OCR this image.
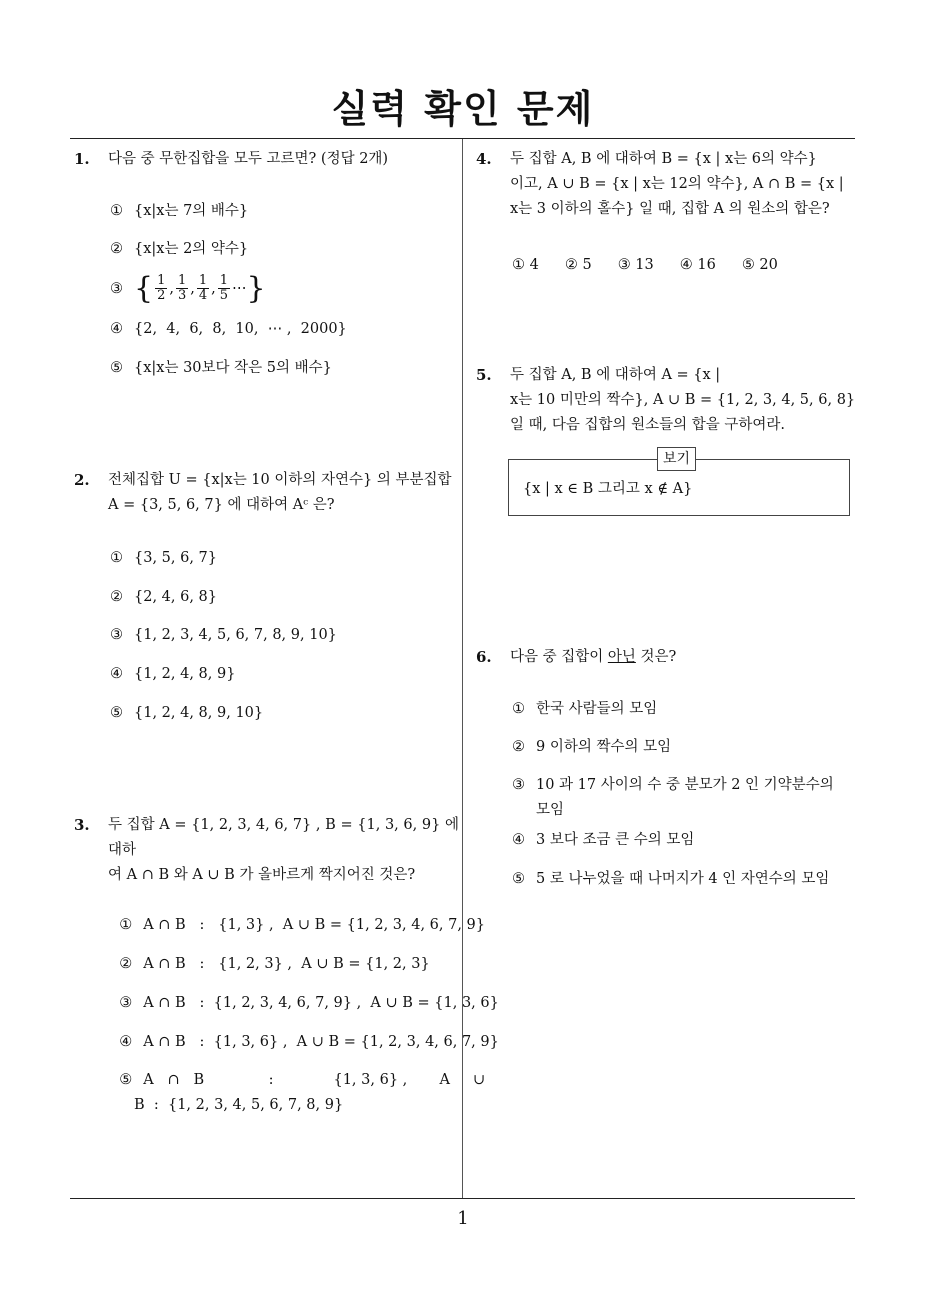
실력 확인 문제
1
1. 다음 중 무한집합을 모두 고르면? (정답 2개)
① {x|x는 7의 배수}
② {x|x는 2의 약수}
③ { $\frac{1}{2}$ , $\frac{1}{3}$ , $\frac{1}{4}$ , $\frac{1}{5}$ ⋯}
④ {2,  4,  6,  8,  10,  ⋯ ,  2000}
⑤ {x|x는 30보다 작은 5의 배수}
2. 전체집합 U = {x|x는 10 이하의 자연수} 의 부분집합
A = {3, 5, 6, 7} 에 대하여 Aᶜ 은?
① {3, 5, 6, 7}
② {2, 4, 6, 8}
③ {1, 2, 3, 4, 5, 6, 7, 8, 9, 10}
④ {1, 2, 4, 8, 9}
⑤ {1, 2, 4, 8, 9, 10}
3. 두 집합 A = {1, 2, 3, 4, 6, 7} , B = {1, 3, 6, 9} 에 대하
여 A ∩ B 와 A ∪ B 가 올바르게 짝지어진 것은?

① A ∩ B   :   {1, 3} ,  A ∪ B = {1, 2, 3, 4, 6, 7, 9}

② A ∩ B   :   {1, 2, 3} ,  A ∪ B = {1, 2, 3}

③ A ∩ B   :  {1, 2, 3, 4, 6, 7, 9} ,  A ∪ B = {1, 3, 6}

④ A ∩ B   :  {1, 3, 6} ,  A ∪ B = {1, 2, 3, 4, 6, 7, 9}

⑤ A   ∩   B              :             {1, 3, 6} ,       A     ∪
B  :  {1, 2, 3, 4, 5, 6, 7, 8, 9}

4. 두 집합 A, B 에 대하여 B = {x | x는 6의 약수}
이고, A ∪ B = {x | x는 12의 약수}, A ∩ B = {x |
x는 3 이하의 홀수} 일 때, 집합 A 의 원소의 합은?
① 4 ② 5 ③ 13 ④ 16 ⑤ 20
5. 두 집합 A, B 에 대하여 A = {x |
x는 10 미만의 짝수}, A ∪ B = {1, 2, 3, 4, 5, 6, 8}
일 때, 다음 집합의 원소들의 합을 구하여라.
보기
{x | x ∈ B 그리고 x ∉ A}
6. 다음 중 집합이 아닌 것은?
① 한국 사람들의 모임
② 9 이하의 짝수의 모임
③ 10 과 17 사이의 수 중 분모가 2 인 기약분수의
모임
④ 3 보다 조금 큰 수의 모임
⑤ 5 로 나누었을 때 나머지가 4 인 자연수의 모임
